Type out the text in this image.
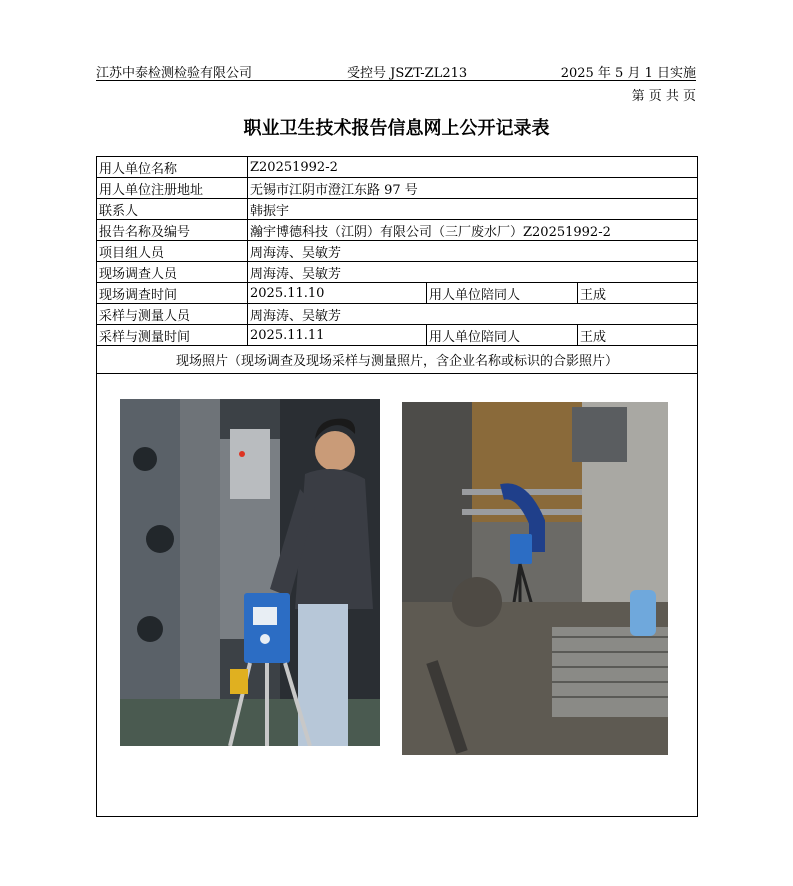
江苏中泰检测检验有限公司	受控号 JSZT-ZL213	2025 年 5 月 1 日实施
第 页 共 页
职业卫生技术报告信息网上公开记录表
用人单位名称	Z20251992-2		
用人单位注册地址	无锡市江阴市澄江东路 97 号		
联系人	韩振宇		
报告名称及编号	瀚宇博德科技（江阴）有限公司（三厂废水厂）Z20251992-2		
项目组人员	周海涛、吴敏芳		
现场调查人员	周海涛、吴敏芳		
现场调查时间	2025.11.10	用人单位陪同人	王成
采样与测量人员	周海涛、吴敏芳		
采样与测量时间	2025.11.11	用人单位陪同人	王成
现场照片（现场调查及现场采样与测量照片，含企业名称或标识的合影照片）			
